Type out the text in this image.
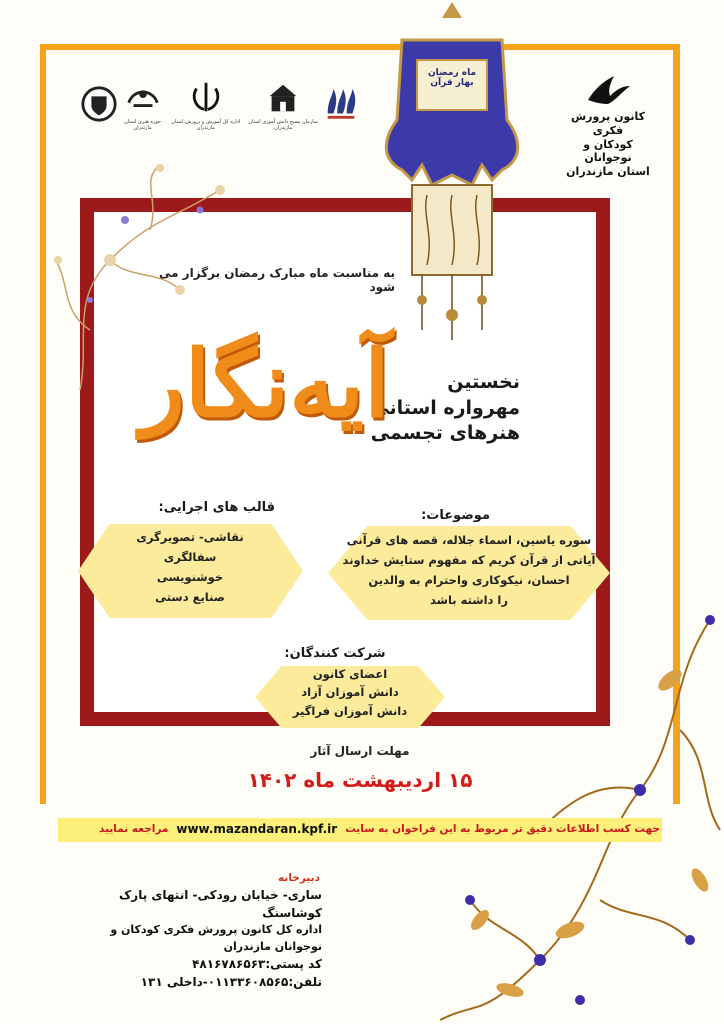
ماه رمضان بهار قرآن
حوزه هنری استان مازندران
اداره کل آموزش و پرورش استان مازندران
سازمان بسیج دانش آموزی استان مازندران
کانون پرورش فکری
کودکان و نوجوانان
استان مازندران
به مناسبت ماه مبارک رمضان برگزار می شود
نخستین
مهرواره استانی
هنرهای تجسمی
آیه‌نگار
قالب های اجرایی:
موضوعات:
نقاشی- تصویرگری
سفالگری
خوشنویسی
صنایع دستی
سوره یاسین، اسماء جلاله، قصه های قرآنی
آیاتی از قرآن کریم که مفهوم ستایش خداوند
احسان، نیکوکاری واحترام به والدین
را داشته باشد
شرکت کنندگان:
اعضای کانون
دانش آموزان آزاد
دانش آموزان فراگیر
مهلت ارسال آثار
۱۵ اردیبهشت ماه ۱۴۰۲
جهت کسب اطلاعات دقیق تر مربوط به این فراخوان به سایت
www.mazandaran.kpf.ir
مراجعه نمایید
دبیرخانه
ساری- خیابان رودکی- انتهای پارک کوشاسنگ
اداره کل کانون پرورش فکری کودکان و نوجوانان مازندران
کد پستی:۴۸۱۶۷۸۶۵۶۳
تلفن:۰۱۱۳۳۶۰۸۵۶۵-داخلی ۱۳۱
